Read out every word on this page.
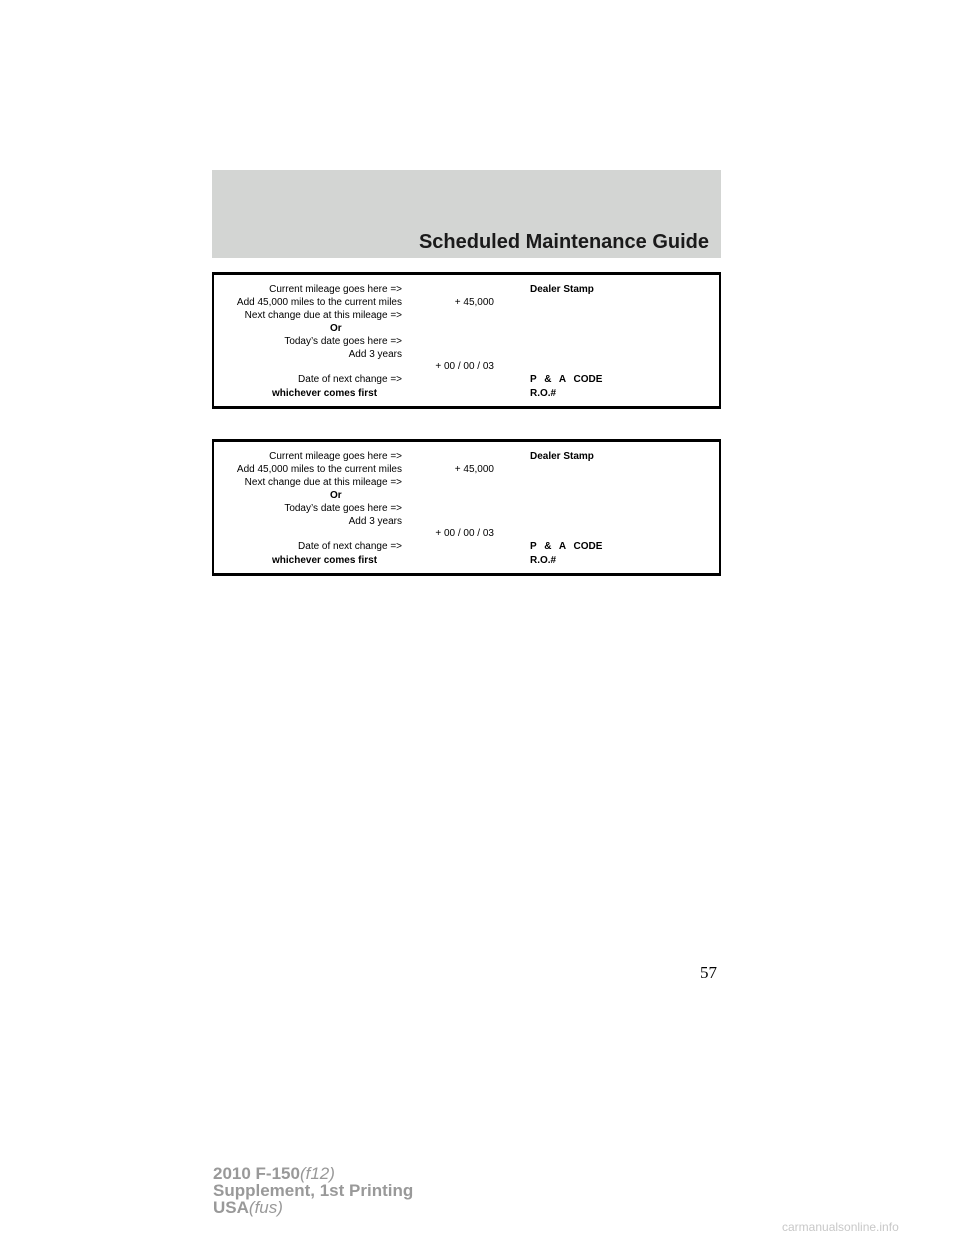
Scheduled Maintenance Guide
Current mileage goes here =>
Add 45,000 miles to the current miles	+ 45,000
Next change due at this mileage =>
Or
Today’s date goes here =>
Add 3 years
+ 00 / 00 / 03
Date of next change =>
whichever comes first
Dealer Stamp
P & A CODE
R.O.#
Current mileage goes here =>
Add 45,000 miles to the current miles	+ 45,000
Next change due at this mileage =>
Or
Today’s date goes here =>
Add 3 years
+ 00 / 00 / 03
Date of next change =>
whichever comes first
Dealer Stamp
P & A CODE
R.O.#
57
2010 F-150(f12)
Supplement, 1st Printing
USA(fus)
carmanualsonline.info
